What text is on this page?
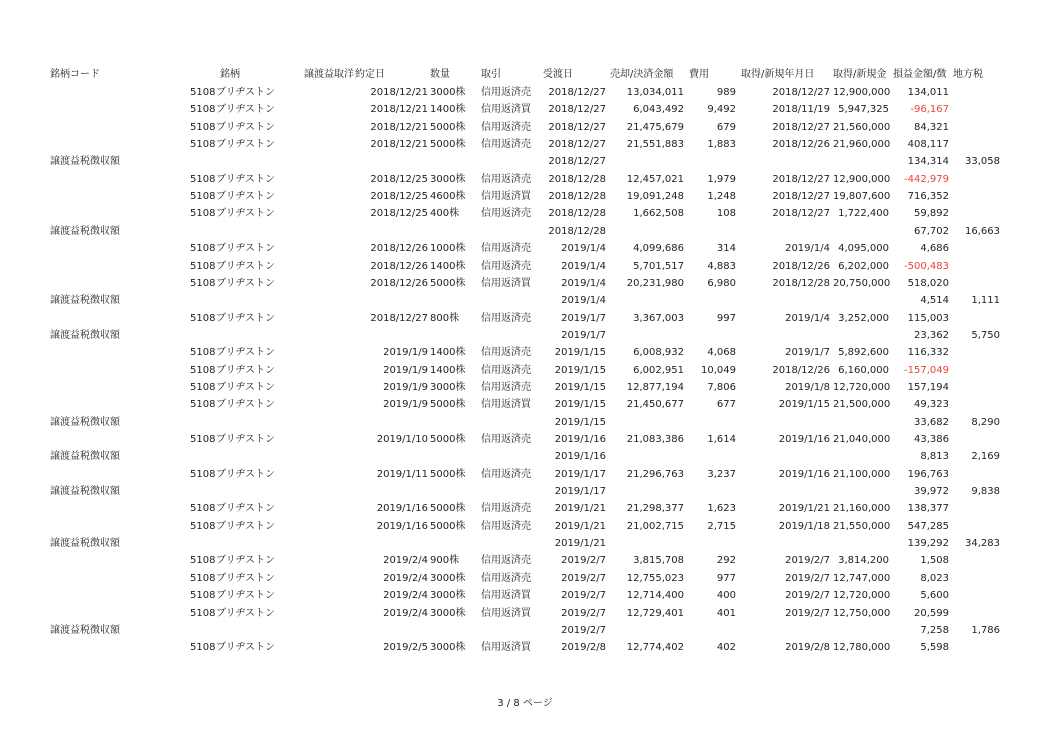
銘柄コード	銘柄	譲渡益取洋 約定日	数量	取引	受渡日	売却/決済金額 費用	取得/新規年月日 取得/新規金 損益金額/徴 地方税
5108 ブリヂストン	2018/12/21 3000株	信用返済売	2018/12/27	13,034,011	989	2018/12/27 12,900,000	134,011
5108 ブリヂストン	2018/12/21 1400株	信用返済買	2018/12/27	6,043,492	9,492	2018/11/19 5,947,325	-96,167
5108 ブリヂストン	2018/12/21 5000株	信用返済売	2018/12/27	21,475,679	679	2018/12/27 21,560,000	84,321
5108 ブリヂストン	2018/12/21 5000株	信用返済売	2018/12/27	21,551,883	1,883	2018/12/26 21,960,000	408,117
譲渡益税徴収額	2018/12/27	134,314	33,058
5108 ブリヂストン	2018/12/25 3000株	信用返済売	2018/12/28	12,457,021	1,979	2018/12/27 12,900,000	-442,979
5108 ブリヂストン	2018/12/25 4600株	信用返済買	2018/12/28	19,091,248	1,248	2018/12/27 19,807,600	716,352
5108 ブリヂストン	2018/12/25 400株	信用返済売	2018/12/28	1,662,508	108	2018/12/27 1,722,400	59,892
譲渡益税徴収額	2018/12/28	67,702	16,663
5108 ブリヂストン	2018/12/26 1000株	信用返済売	2019/1/4	4,099,686	314	2019/1/4 4,095,000	4,686
5108 ブリヂストン	2018/12/26 1400株	信用返済売	2019/1/4	5,701,517	4,883	2018/12/26 6,202,000	-500,483
5108 ブリヂストン	2018/12/26 5000株	信用返済買	2019/1/4	20,231,980	6,980	2018/12/28 20,750,000	518,020
譲渡益税徴収額	2019/1/4	4,514	1,111
5108 ブリヂストン	2018/12/27 800株	信用返済売	2019/1/7	3,367,003	997	2019/1/4 3,252,000	115,003
譲渡益税徴収額	2019/1/7	23,362	5,750
5108 ブリヂストン	2019/1/9 1400株	信用返済売	2019/1/15	6,008,932	4,068	2019/1/7 5,892,600	116,332
5108 ブリヂストン	2019/1/9 1400株	信用返済売	2019/1/15	6,002,951	10,049	2018/12/26 6,160,000	-157,049
5108 ブリヂストン	2019/1/9 3000株	信用返済売	2019/1/15	12,877,194	7,806	2019/1/8 12,720,000	157,194
5108 ブリヂストン	2019/1/9 5000株	信用返済買	2019/1/15	21,450,677	677	2019/1/15 21,500,000	49,323
譲渡益税徴収額	2019/1/15	33,682	8,290
5108 ブリヂストン	2019/1/10 5000株	信用返済売	2019/1/16	21,083,386	1,614	2019/1/16 21,040,000	43,386
譲渡益税徴収額	2019/1/16	8,813	2,169
5108 ブリヂストン	2019/1/11 5000株	信用返済売	2019/1/17	21,296,763	3,237	2019/1/16 21,100,000	196,763
譲渡益税徴収額	2019/1/17	39,972	9,838
5108 ブリヂストン	2019/1/16 5000株	信用返済売	2019/1/21	21,298,377	1,623	2019/1/21 21,160,000	138,377
5108 ブリヂストン	2019/1/16 5000株	信用返済売	2019/1/21	21,002,715	2,715	2019/1/18 21,550,000	547,285
譲渡益税徴収額	2019/1/21	139,292	34,283
5108 ブリヂストン	2019/2/4 900株	信用返済売	2019/2/7	3,815,708	292	2019/2/7 3,814,200	1,508
5108 ブリヂストン	2019/2/4 3000株	信用返済売	2019/2/7	12,755,023	977	2019/2/7 12,747,000	8,023
5108 ブリヂストン	2019/2/4 3000株	信用返済買	2019/2/7	12,714,400	400	2019/2/7 12,720,000	5,600
5108 ブリヂストン	2019/2/4 3000株	信用返済買	2019/2/7	12,729,401	401	2019/2/7 12,750,000	20,599
譲渡益税徴収額	2019/2/7	7,258	1,786
5108 ブリヂストン	2019/2/5 3000株	信用返済買	2019/2/8	12,774,402	402	2019/2/8 12,780,000	5,598
3 / 8 ページ
